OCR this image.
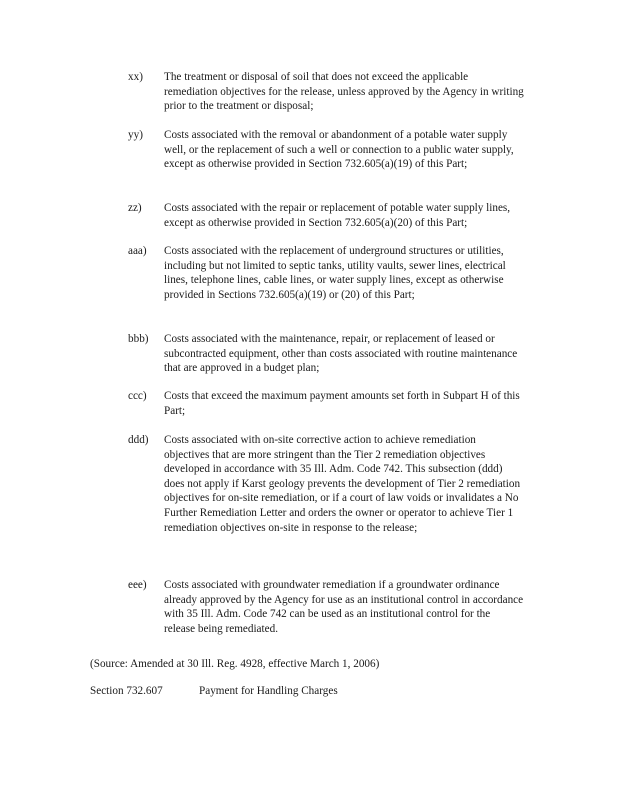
xx)	The treatment or disposal of soil that does not exceed the applicable remediation objectives for the release, unless approved by the Agency in writing prior to the treatment or disposal;
yy)	Costs associated with the removal or abandonment of a potable water supply well, or the replacement of such a well or connection to a public water supply, except as otherwise provided in Section 732.605(a)(19) of this Part;
zz)	Costs associated with the repair or replacement of potable water supply lines, except as otherwise provided in Section 732.605(a)(20) of this Part;
aaa)	Costs associated with the replacement of underground structures or utilities, including but not limited to septic tanks, utility vaults, sewer lines, electrical lines, telephone lines, cable lines, or water supply lines, except as otherwise provided in Sections 732.605(a)(19) or (20) of this Part;
bbb)	Costs associated with the maintenance, repair, or replacement of leased or subcontracted equipment, other than costs associated with routine maintenance that are approved in a budget plan;
ccc)	Costs that exceed the maximum payment amounts set forth in Subpart H of this Part;
ddd)	Costs associated with on-site corrective action to achieve remediation objectives that are more stringent than the Tier 2 remediation objectives developed in accordance with 35 Ill. Adm. Code 742. This subsection (ddd) does not apply if Karst geology prevents the development of Tier 2 remediation objectives for on-site remediation, or if a court of law voids or invalidates a No Further Remediation Letter and orders the owner or operator to achieve Tier 1 remediation objectives on-site in response to the release;
eee)	Costs associated with groundwater remediation if a groundwater ordinance already approved by the Agency for use as an institutional control in accordance with 35 Ill. Adm. Code 742 can be used as an institutional control for the release being remediated.
(Source: Amended at 30 Ill. Reg. 4928, effective March 1, 2006)
Section 732.607	Payment for Handling Charges
